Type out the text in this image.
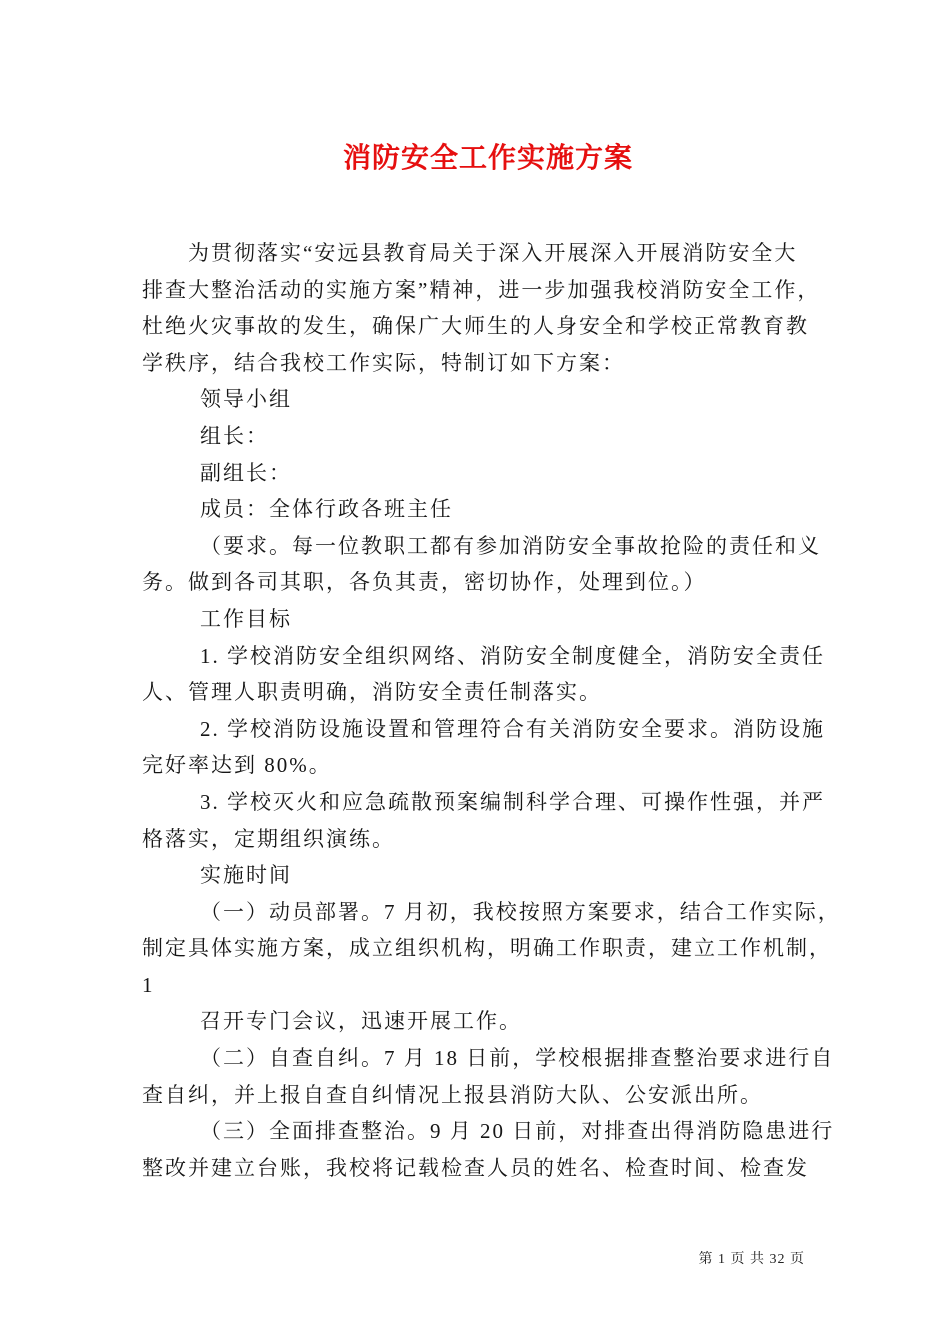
消防安全工作实施方案
为贯彻落实“安远县教育局关于深入开展深入开展消防安全大
排查大整治活动的实施方案”精神，进一步加强我校消防安全工作，
杜绝火灾事故的发生，确保广大师生的人身安全和学校正常教育教
学秩序，结合我校工作实际，特制订如下方案：
领导小组
组长：
副组长：
成员：全体行政各班主任
（要求。每一位教职工都有参加消防安全事故抢险的责任和义
务。做到各司其职，各负其责，密切协作，处理到位。）
工作目标
1. 学校消防安全组织网络、消防安全制度健全，消防安全责任
人、管理人职责明确，消防安全责任制落实。
2. 学校消防设施设置和管理符合有关消防安全要求。消防设施
完好率达到 80%。
3. 学校灭火和应急疏散预案编制科学合理、可操作性强，并严
格落实，定期组织演练。
实施时间
（一）动员部署。7 月初，我校按照方案要求，结合工作实际，
制定具体实施方案，成立组织机构，明确工作职责，建立工作机制，
1
召开专门会议，迅速开展工作。
（二）自查自纠。7 月 18 日前，学校根据排查整治要求进行自
查自纠，并上报自查自纠情况上报县消防大队、公安派出所。
（三）全面排查整治。9 月 20 日前，对排查出得消防隐患进行
整改并建立台账，我校将记载检查人员的姓名、检查时间、检查发
第 1 页 共 32 页
